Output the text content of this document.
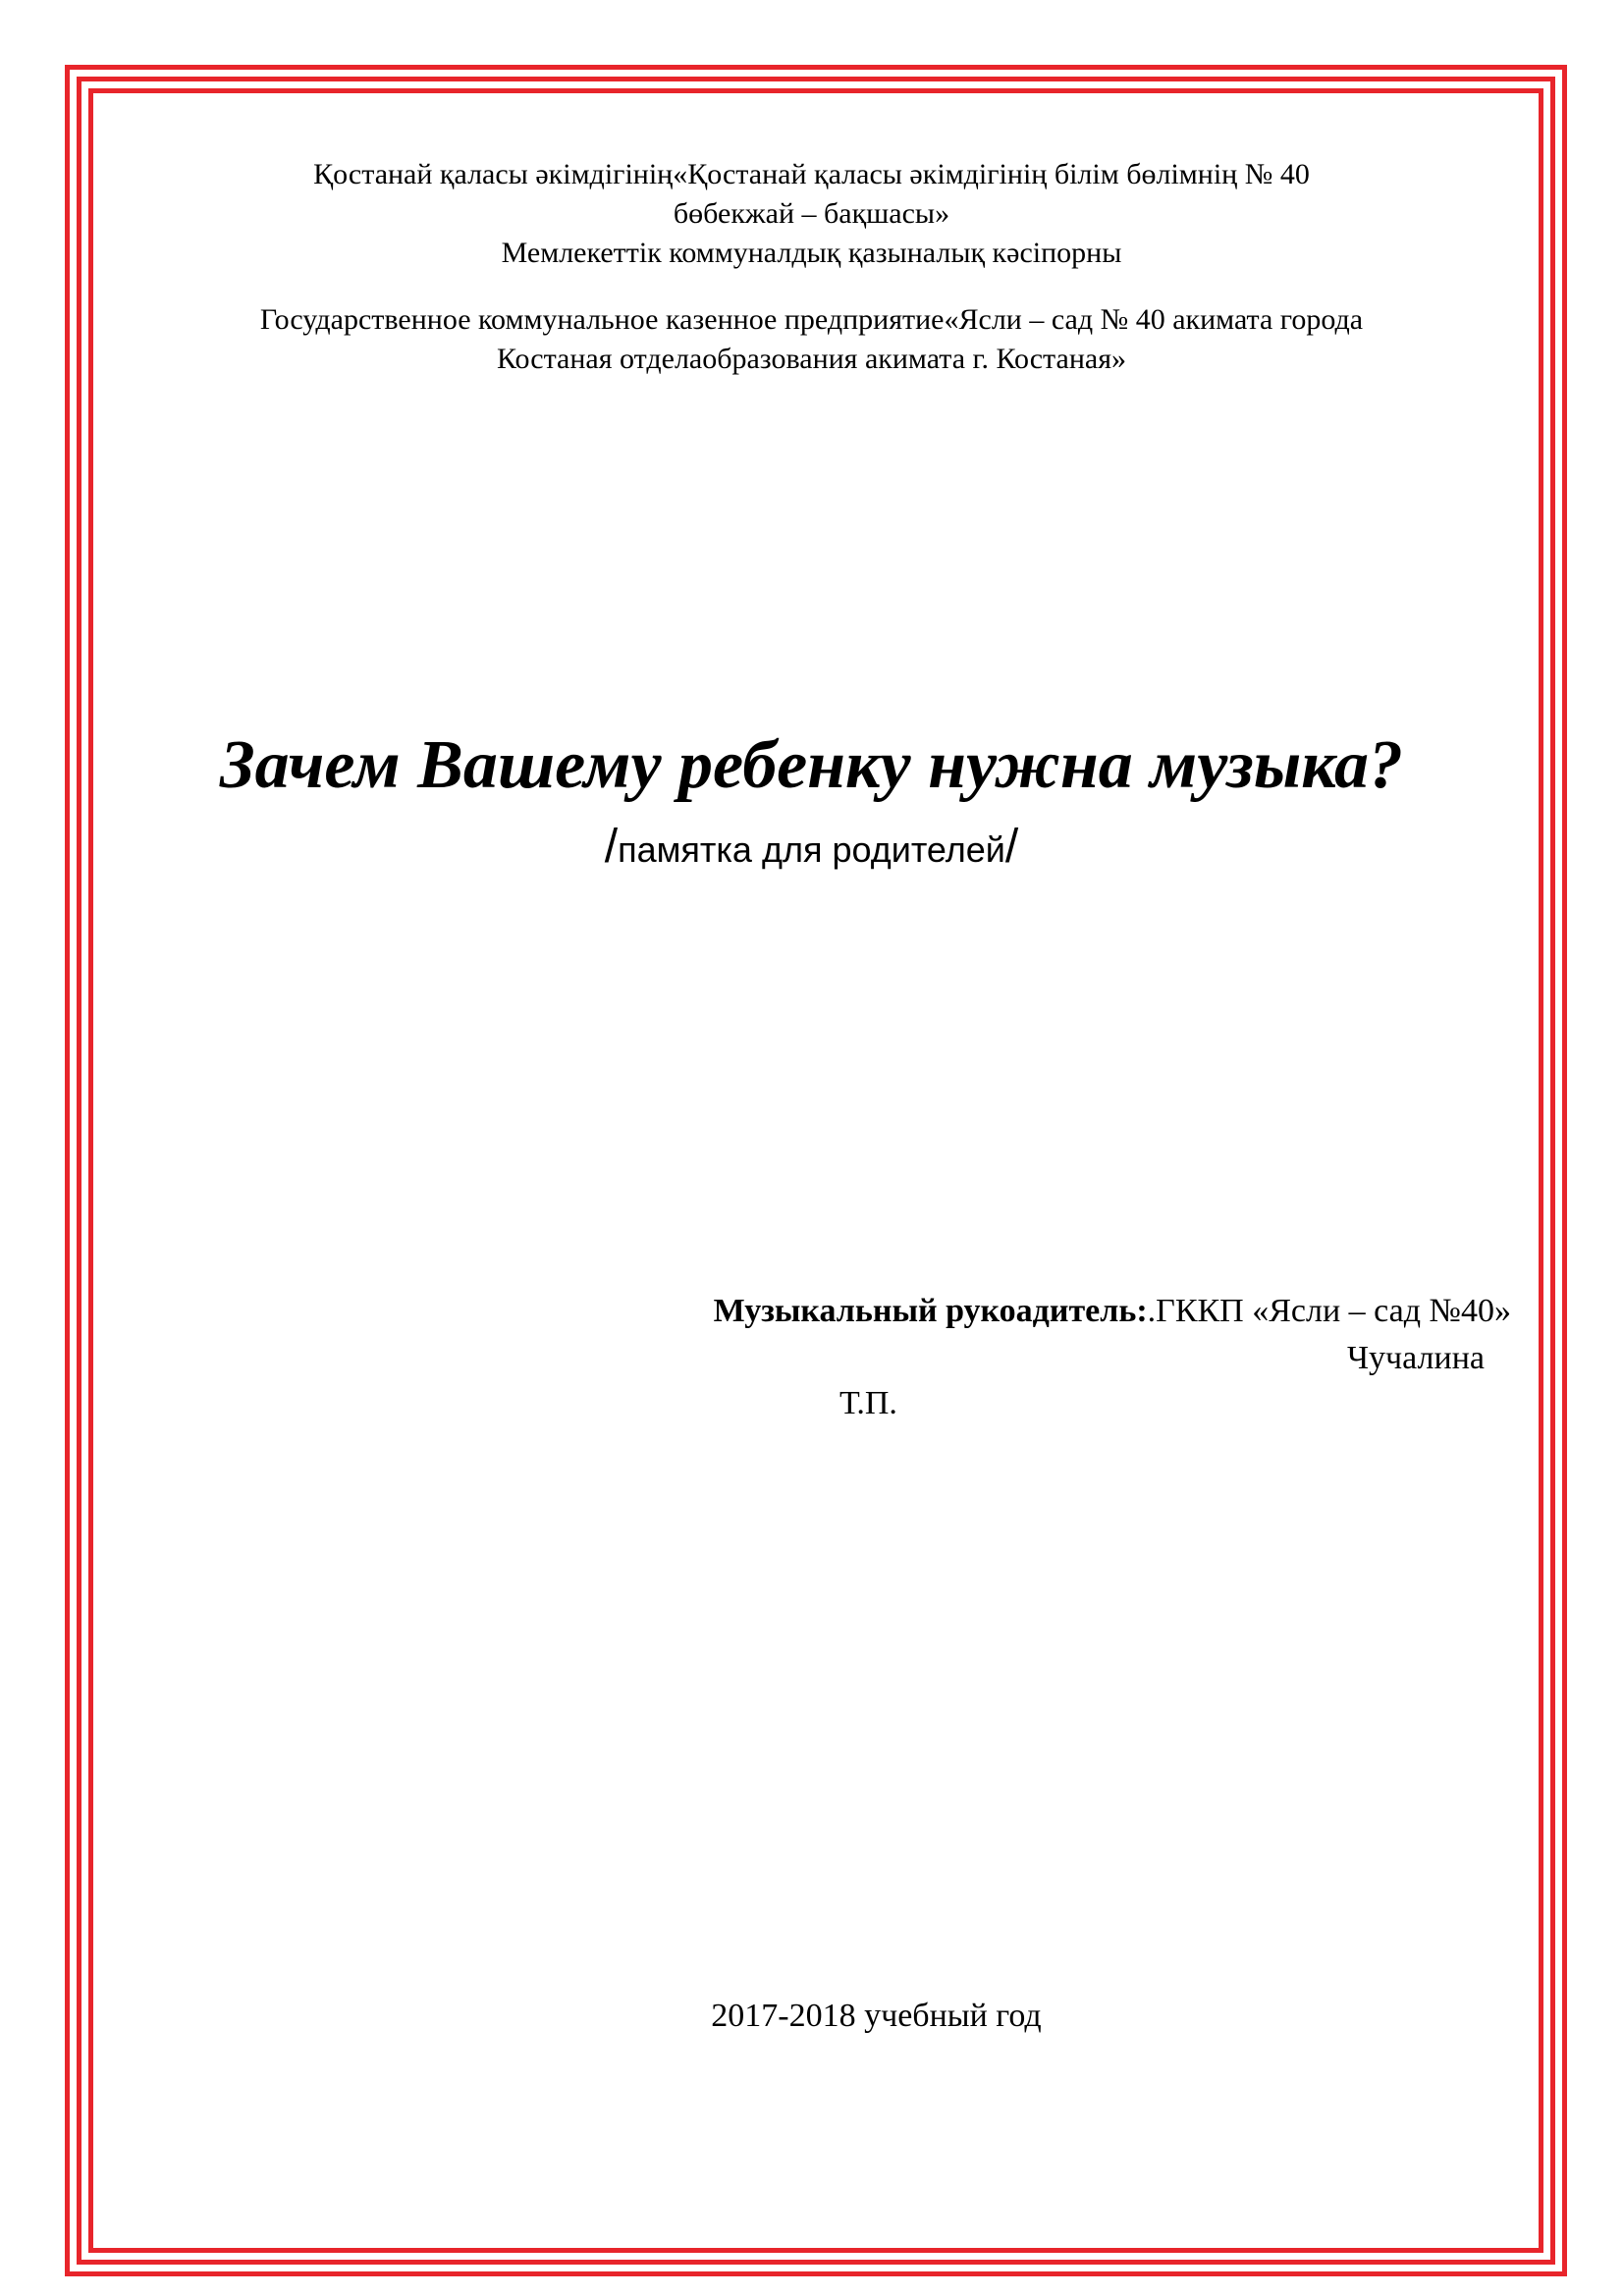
Қостанай қаласы әкімдігінің«Қостанай қаласы әкімдігінің білім бөлімнің № 40
бөбекжай – бақшасы»
Мемлекеттік коммуналдық қазыналық кәсіпорны
Государственное коммунальное казенное предприятие«Ясли – сад № 40 акимата города
Костаная отделаобразования акимата г. Костаная»
Зачем Вашему ребенку нужна музыка?
/памятка для родителей/
Музыкальный рукоадитель:.ГККП «Ясли – сад №40»
Чучалина
Т.П.
2017-2018 учебный год
